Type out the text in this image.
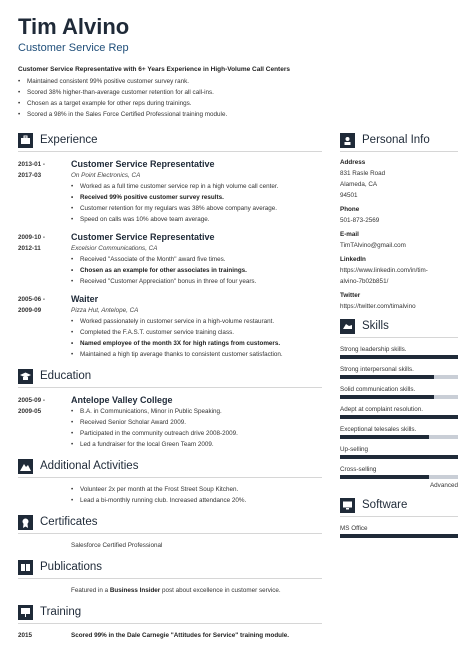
Tim Alvino
Customer Service Rep
Customer Service Representative with 6+ Years Experience in High-Volume Call Centers
• Maintained consistent 99% positive customer survey rank.
• Scored 38% higher-than-average customer retention for all call-ins.
• Chosen as a target example for other reps during trainings.
• Scored a 98% in the Sales Force Certified Professional training module.
Experience
2013-01 -
2017-03
Customer Service Representative
On Point Electronics, CA
• Worked as a full time customer service rep in a high volume call center.
• Received 99% positive customer survey results.
• Customer retention for my regulars was 38% above company average.
• Speed on calls was 10% above team average.
2009-10 -
2012-11
Customer Service Representative
Excelsior Communications, CA
• Received "Associate of the Month" award five times.
• Chosen as an example for other associates in trainings.
• Received "Customer Appreciation" bonus in three of four years.
2005-06 -
2009-09
Waiter
Pizza Hut, Antelope, CA
• Worked passionately in customer service in a high-volume restaurant.
• Completed the F.A.S.T. customer service training class.
• Named employee of the month 3X for high ratings from customers.
• Maintained a high tip average thanks to consistent customer satisfaction.
Education
2005-09 -
2009-05
Antelope Valley College
• B.A. in Communications, Minor in Public Speaking.
• Received Senior Scholar Award 2009.
• Participated in the community outreach drive 2008-2009.
• Led a fundraiser for the local Green Team 2009.
Additional Activities
• Volunteer 2x per month at the Frost Street Soup Kitchen.
• Lead a bi-monthly running club. Increased attendance 20%.
Certificates
Salesforce Certified Professional
Publications
Featured in a Business Insider post about excellence in customer service.
Training
2015	Scored 99% in the Dale Carnegie "Attitudes for Service" training module.
Personal Info
Address
831 Rasle Road
Alameda, CA
94501
Phone
501-873-2569
E-mail
TimTAlvino@gmail.com
LinkedIn
https://www.linkedin.com/in/tim-
alvino-7b02b851/
Twitter
https://twitter.com/timalvino
Skills
Strong leadership skills.
Strong interpersonal skills.
Solid communication skills.
Adept at complaint resolution.
Exceptional telesales skills.
Up-selling
Cross-selling
Advanced
Software
MS Office
